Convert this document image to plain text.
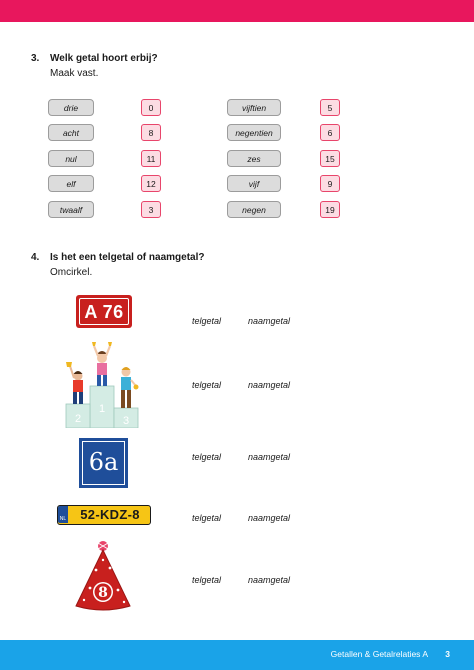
3. Welk getal hoort erbij?
Maak vast.
drie
acht
nul
elf
twaalf
0
8
11
12
3
vijftien
negentien
zes
vijf
negen
5
6
15
9
19
4. Is het een telgetal of naamgetal?
Omcirkel.
A 76	telgetal	naamgetal
1
2	3
telgetal	naamgetal
6a	telgetal	naamgetal
NL	52-KDZ-8	telgetal	naamgetal
8
telgetal	naamgetal
Getallen & Getalrelaties A 3
